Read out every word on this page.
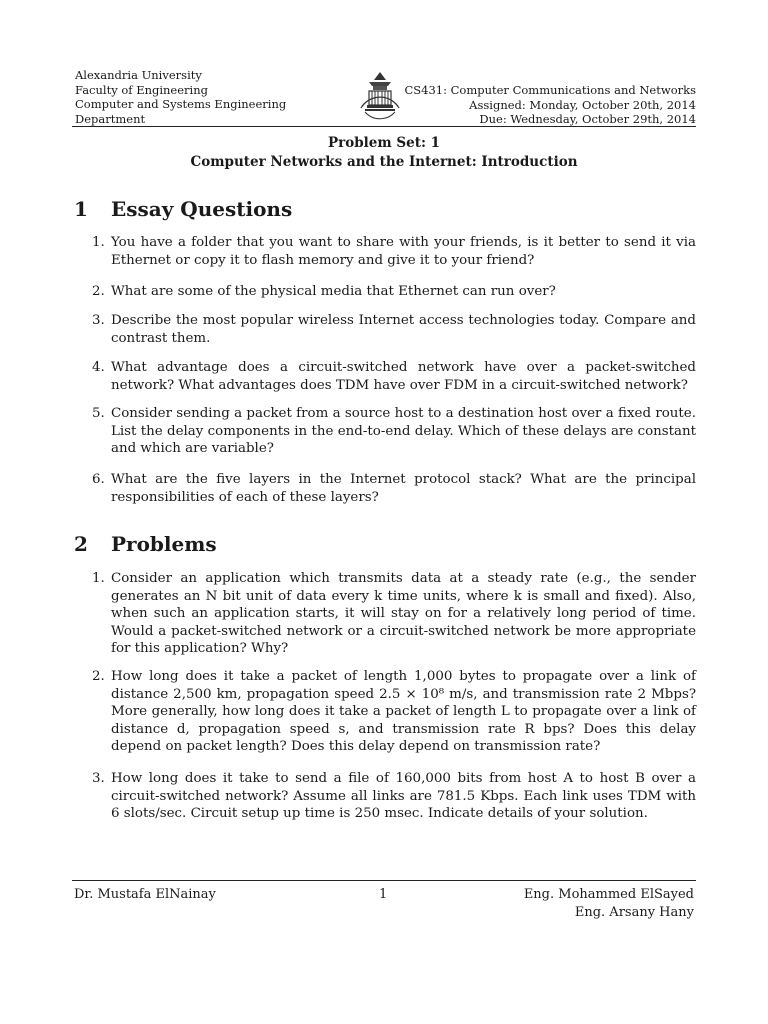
Alexandria University
Faculty of Engineering
Computer and Systems Engineering
Department
CS431: Computer Communications and Networks
Assigned: Monday, October 20th, 2014
Due: Wednesday, October 29th, 2014
Problem Set: 1
Computer Networks and the Internet: Introduction
1 Essay Questions
1. You have a folder that you want to share with your friends, is it better to send it via Ethernet or copy it to flash memory and give it to your friend?
2. What are some of the physical media that Ethernet can run over?
3. Describe the most popular wireless Internet access technologies today. Compare and contrast them.
4. What advantage does a circuit-switched network have over a packet-switched network? What advantages does TDM have over FDM in a circuit-switched network?
5. Consider sending a packet from a source host to a destination host over a fixed route. List the delay components in the end-to-end delay. Which of these delays are constant and which are variable?
6. What are the five layers in the Internet protocol stack? What are the principal responsibilities of each of these layers?
2 Problems
1. Consider an application which transmits data at a steady rate (e.g., the sender generates an N bit unit of data every k time units, where k is small and fixed). Also, when such an application starts, it will stay on for a relatively long period of time. Would a packet-switched network or a circuit-switched network be more appropriate for this application? Why?
2. How long does it take a packet of length 1,000 bytes to propagate over a link of distance 2,500 km, propagation speed 2.5 × 10⁸ m/s, and transmission rate 2 Mbps? More generally, how long does it take a packet of length L to propagate over a link of distance d, propagation speed s, and transmission rate R bps? Does this delay depend on packet length? Does this delay depend on transmission rate?
3. How long does it take to send a file of 160,000 bits from host A to host B over a circuit-switched network? Assume all links are 781.5 Kbps. Each link uses TDM with 6 slots/sec. Circuit setup up time is 250 msec. Indicate details of your solution.
Dr. Mustafa ElNainay	1	Eng. Mohammed ElSayed
Eng. Arsany Hany
